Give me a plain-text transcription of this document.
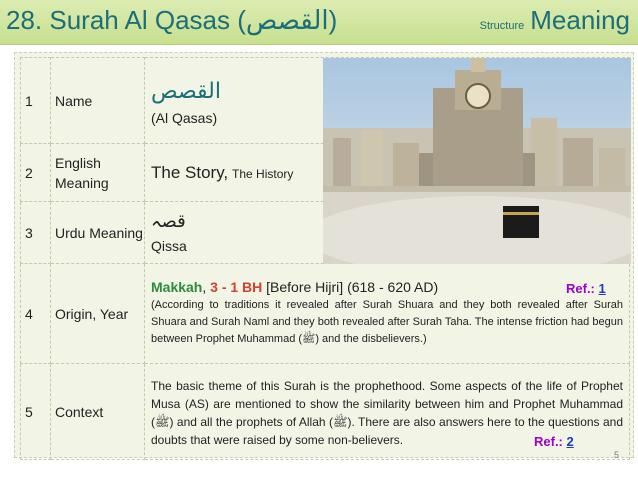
28. Surah Al Qasas (القصص)	Structure Meaning
1	Name	القصص
(Al Qasas)

2	English Meaning	The Story, The History
3	Urdu Meaning	قصہ
Qissa

4	Origin, Year	Makkah, 3 - 1 BH [Before Hijri] (618 - 620 AD)
(According to traditions it revealed after Surah Shuara and they both revealed after Surah Shuara and Surah Naml and they both revealed after Surah Taha. The intense friction had begun between Prophet Muhammad (ﷺ) and the disbelievers.)

5	Context	The basic theme of this Surah is the prophethood. Some aspects of the life of Prophet Musa (AS) are mentioned to show the similarity between him and Prophet Muhammad (ﷺ) and all the prophets of Allah (ﷺ). There are also answers here to the questions and doubts that were raised by some non-believers.
Ref.: 1
Ref.: 2
5
